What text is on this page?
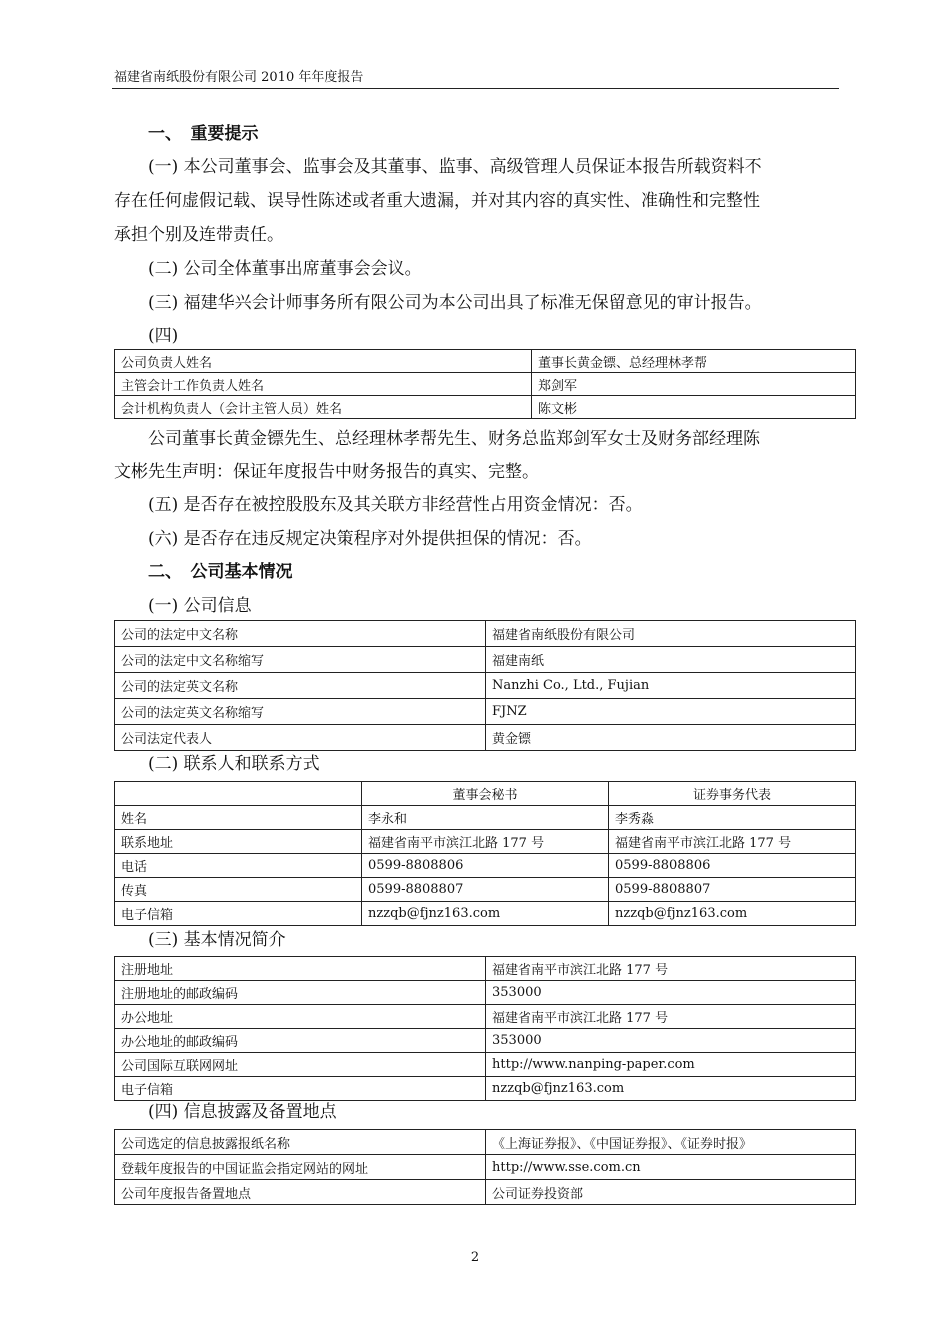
福建省南纸股份有限公司 2010 年年度报告
一、　重要提示
(一) 本公司董事会、监事会及其董事、监事、高级管理人员保证本报告所载资料不
存在任何虚假记载、误导性陈述或者重大遗漏，并对其内容的真实性、准确性和完整性
承担个别及连带责任。
(二) 公司全体董事出席董事会会议。
(三) 福建华兴会计师事务所有限公司为本公司出具了标准无保留意见的审计报告。
(四)
公司负责人姓名	董事长黄金镖、总经理林孝帮
主管会计工作负责人姓名	郑剑军
会计机构负责人（会计主管人员）姓名	陈文彬
公司董事长黄金镖先生、总经理林孝帮先生、财务总监郑剑军女士及财务部经理陈
文彬先生声明：保证年度报告中财务报告的真实、完整。
(五) 是否存在被控股股东及其关联方非经营性占用资金情况：否。
(六) 是否存在违反规定决策程序对外提供担保的情况：否。
二、　公司基本情况
(一) 公司信息
公司的法定中文名称	福建省南纸股份有限公司
公司的法定中文名称缩写	福建南纸
公司的法定英文名称	Nanzhi Co., Ltd., Fujian
公司的法定英文名称缩写	FJNZ
公司法定代表人	黄金镖
(二) 联系人和联系方式
	董事会秘书	证券事务代表
姓名	李永和	李秀淼
联系地址	福建省南平市滨江北路 177 号	福建省南平市滨江北路 177 号
电话	0599-8808806	0599-8808806
传真	0599-8808807	0599-8808807
电子信箱	nzzqb@fjnz163.com	nzzqb@fjnz163.com
(三) 基本情况简介
注册地址	福建省南平市滨江北路 177 号
注册地址的邮政编码	353000
办公地址	福建省南平市滨江北路 177 号
办公地址的邮政编码	353000
公司国际互联网网址	http://www.nanping-paper.com
电子信箱	nzzqb@fjnz163.com
(四) 信息披露及备置地点
公司选定的信息披露报纸名称	《上海证券报》、《中国证券报》、《证券时报》
登载年度报告的中国证监会指定网站的网址	http://www.sse.com.cn
公司年度报告备置地点	公司证券投资部
2
